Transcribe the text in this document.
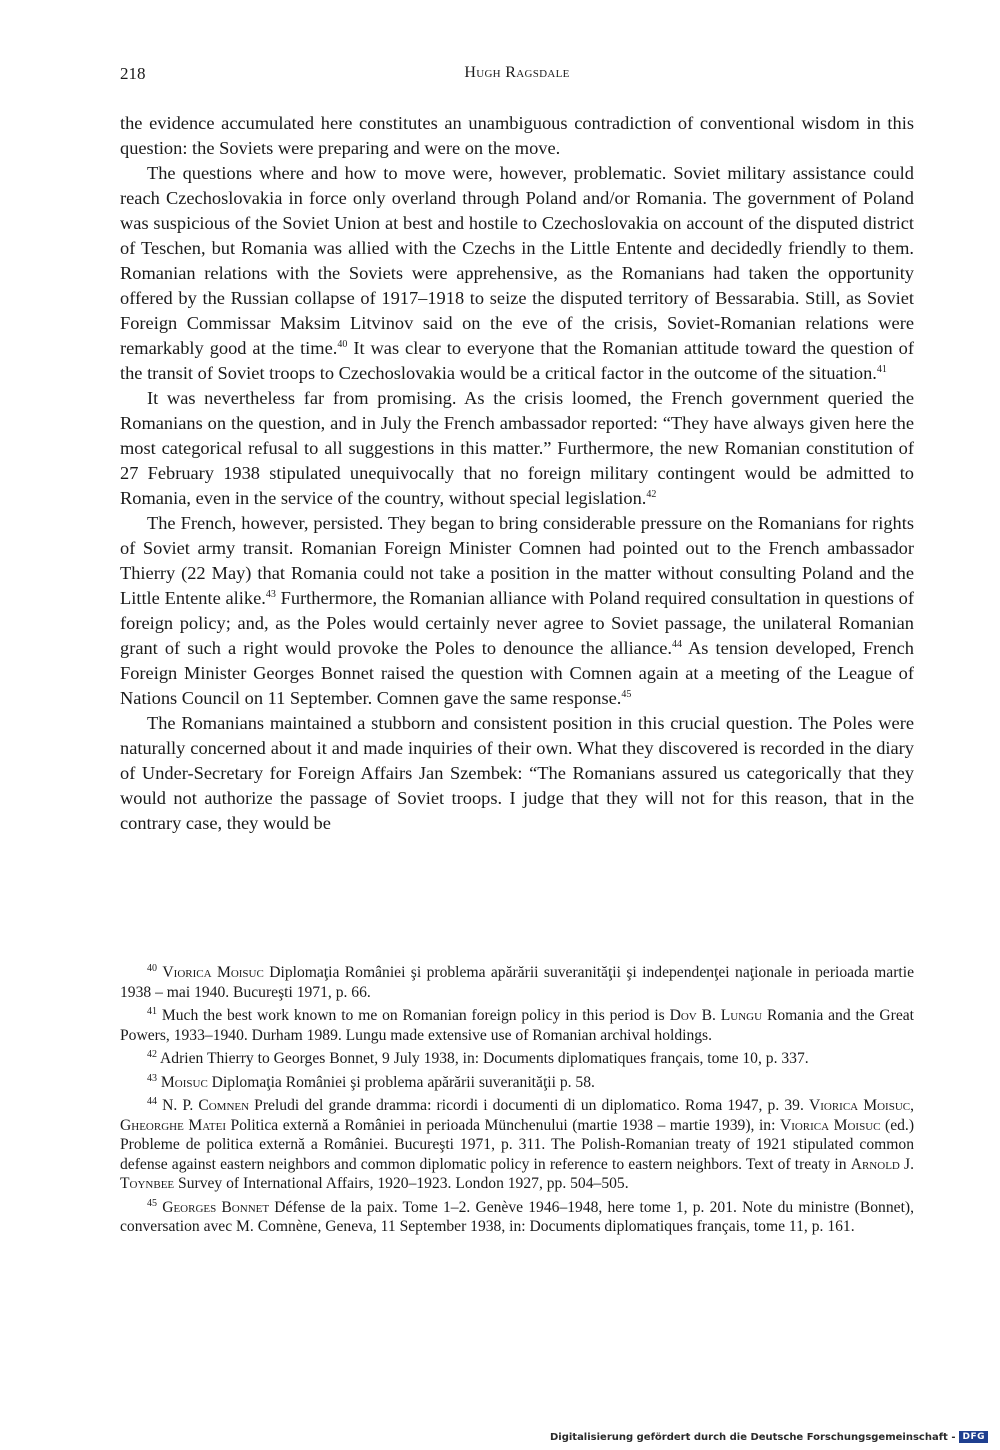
218	Hugh Ragsdale

the evidence accumulated here constitutes an unambiguous contradiction of conventional wisdom in this question: the Soviets were preparing and were on the move.

The questions where and how to move were, however, problematic. Soviet military assistance could reach Czechoslovakia in force only overland through Poland and/or Romania. The government of Poland was suspicious of the Soviet Union at best and hostile to Czechoslovakia on account of the disputed district of Teschen, but Romania was allied with the Czechs in the Little Entente and decidedly friendly to them. Romanian relations with the Soviets were apprehensive, as the Romanians had taken the opportunity offered by the Russian collapse of 1917–1918 to seize the disputed territory of Bessarabia. Still, as Soviet Foreign Commissar Maksim Litvinov said on the eve of the crisis, Soviet-Romanian relations were remarkably good at the time.$^{40}$ It was clear to everyone that the Romanian attitude toward the question of the transit of Soviet troops to Czechoslovakia would be a critical factor in the outcome of the situation.$^{41}$

It was nevertheless far from promising. As the crisis loomed, the French government queried the Romanians on the question, and in July the French ambassador reported: “They have always given here the most categorical refusal to all suggestions in this matter.” Furthermore, the new Romanian constitution of 27 February 1938 stipulated unequivocally that no foreign military contingent would be admitted to Romania, even in the service of the country, without special legislation.$^{42}$

The French, however, persisted. They began to bring considerable pressure on the Romanians for rights of Soviet army transit. Romanian Foreign Minister Comnen had pointed out to the French ambassador Thierry (22 May) that Romania could not take a position in the matter without consulting Poland and the Little Entente alike.$^{43}$ Furthermore, the Romanian alliance with Poland required consultation in questions of foreign policy; and, as the Poles would certainly never agree to Soviet passage, the unilateral Romanian grant of such a right would provoke the Poles to denounce the alliance.$^{44}$ As tension developed, French Foreign Minister Georges Bonnet raised the question with Comnen again at a meeting of the League of Nations Council on 11 September. Comnen gave the same response.$^{45}$

The Romanians maintained a stubborn and consistent position in this crucial question. The Poles were naturally concerned about it and made inquiries of their own. What they discovered is recorded in the diary of Under-Secretary for Foreign Affairs Jan Szembek: “The Romanians assured us categorically that they would not authorize the passage of Soviet troops. I judge that they will not for this reason, that in the contrary case, they would be

$^{40}$ Viorica Moisuc Diplomaţia României şi problema apărării suveranităţii şi independenţei naţionale in perioada martie 1938 – mai 1940. Bucureşti 1971, p. 66.

$^{41}$ Much the best work known to me on Romanian foreign policy in this period is Dov B. Lungu Romania and the Great Powers, 1933–1940. Durham 1989. Lungu made extensive use of Romanian archival holdings.

$^{42}$ Adrien Thierry to Georges Bonnet, 9 July 1938, in: Documents diplomatiques français, tome 10, p. 337.

$^{43}$ Moisuc Diplomaţia României şi problema apărării suveranităţii p. 58.

$^{44}$ N. P. Comnen Preludi del grande dramma: ricordi i documenti di un diplomatico. Roma 1947, p. 39. Viorica Moisuc, Gheorghe Matei Politica externă a României in perioada Münchenului (martie 1938 – martie 1939), in: Viorica Moisuc (ed.) Probleme de politica externă a României. Bucureşti 1971, p. 311. The Polish-Romanian treaty of 1921 stipulated common defense against eastern neighbors and common diplomatic policy in reference to eastern neighbors. Text of treaty in Arnold J. Toynbee Survey of International Affairs, 1920–1923. London 1927, pp. 504–505.

$^{45}$ Georges Bonnet Défense de la paix. Tome 1–2. Genève 1946–1948, here tome 1, p. 201. Note du ministre (Bonnet), conversation avec M. Comnène, Geneva, 11 September 1938, in: Documents diplomatiques français, tome 11, p. 161.

Digitalisierung gefördert durch die Deutsche Forschungsgemeinschaft - DFG
